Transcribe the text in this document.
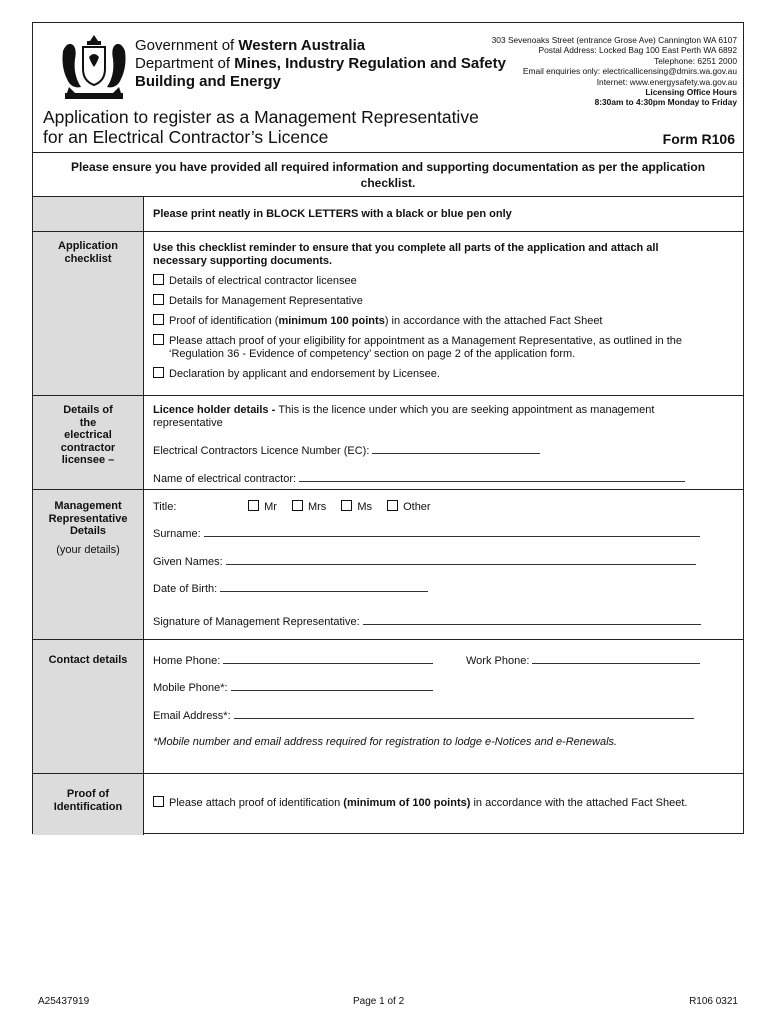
Government of Western Australia
Department of Mines, Industry Regulation and Safety
Building and Energy
303 Sevenoaks Street (entrance Grose Ave) Cannington WA 6107
Postal Address: Locked Bag 100 East Perth WA 6892
Telephone: 6251 2000
Email enquiries only: electricallicensing@dmirs.wa.gov.au
Internet: www.energysafety.wa.gov.au
Licensing Office Hours
8:30am to 4:30pm Monday to Friday
Application to register as a Management Representative
for an Electrical Contractor’s Licence	Form R106
Please ensure you have provided all required information and supporting documentation as per the application checklist.
Please print neatly in BLOCK LETTERS with a black or blue pen only
Application checklist
Use this checklist reminder to ensure that you complete all parts of the application and attach all necessary supporting documents.
Details of electrical contractor licensee
Details for Management Representative
Proof of identification (minimum 100 points) in accordance with the attached Fact Sheet
Please attach proof of your eligibility for appointment as a Management Representative, as outlined in the
‘Regulation 36 - Evidence of competency’ section on page 2 of the application form.
Declaration by applicant and endorsement by Licensee.
Details of the electrical contractor licensee –
Licence holder details - This is the licence under which you are seeking appointment as management representative
Electrical Contractors Licence Number (EC):
Name of electrical contractor:
Management Representative Details
(your details)
Title:	Mr	Mrs	Ms	Other
Surname:
Given Names:
Date of Birth:
Signature of Management Representative:
Contact details	Home Phone:	Work Phone:
Mobile Phone*:
Email Address*:
*Mobile number and email address required for registration to lodge e-Notices and e-Renewals.
Proof of Identification	Please attach proof of identification (minimum of 100 points) in accordance with the attached Fact Sheet.
A25437919	Page 1 of 2	R106 0321
